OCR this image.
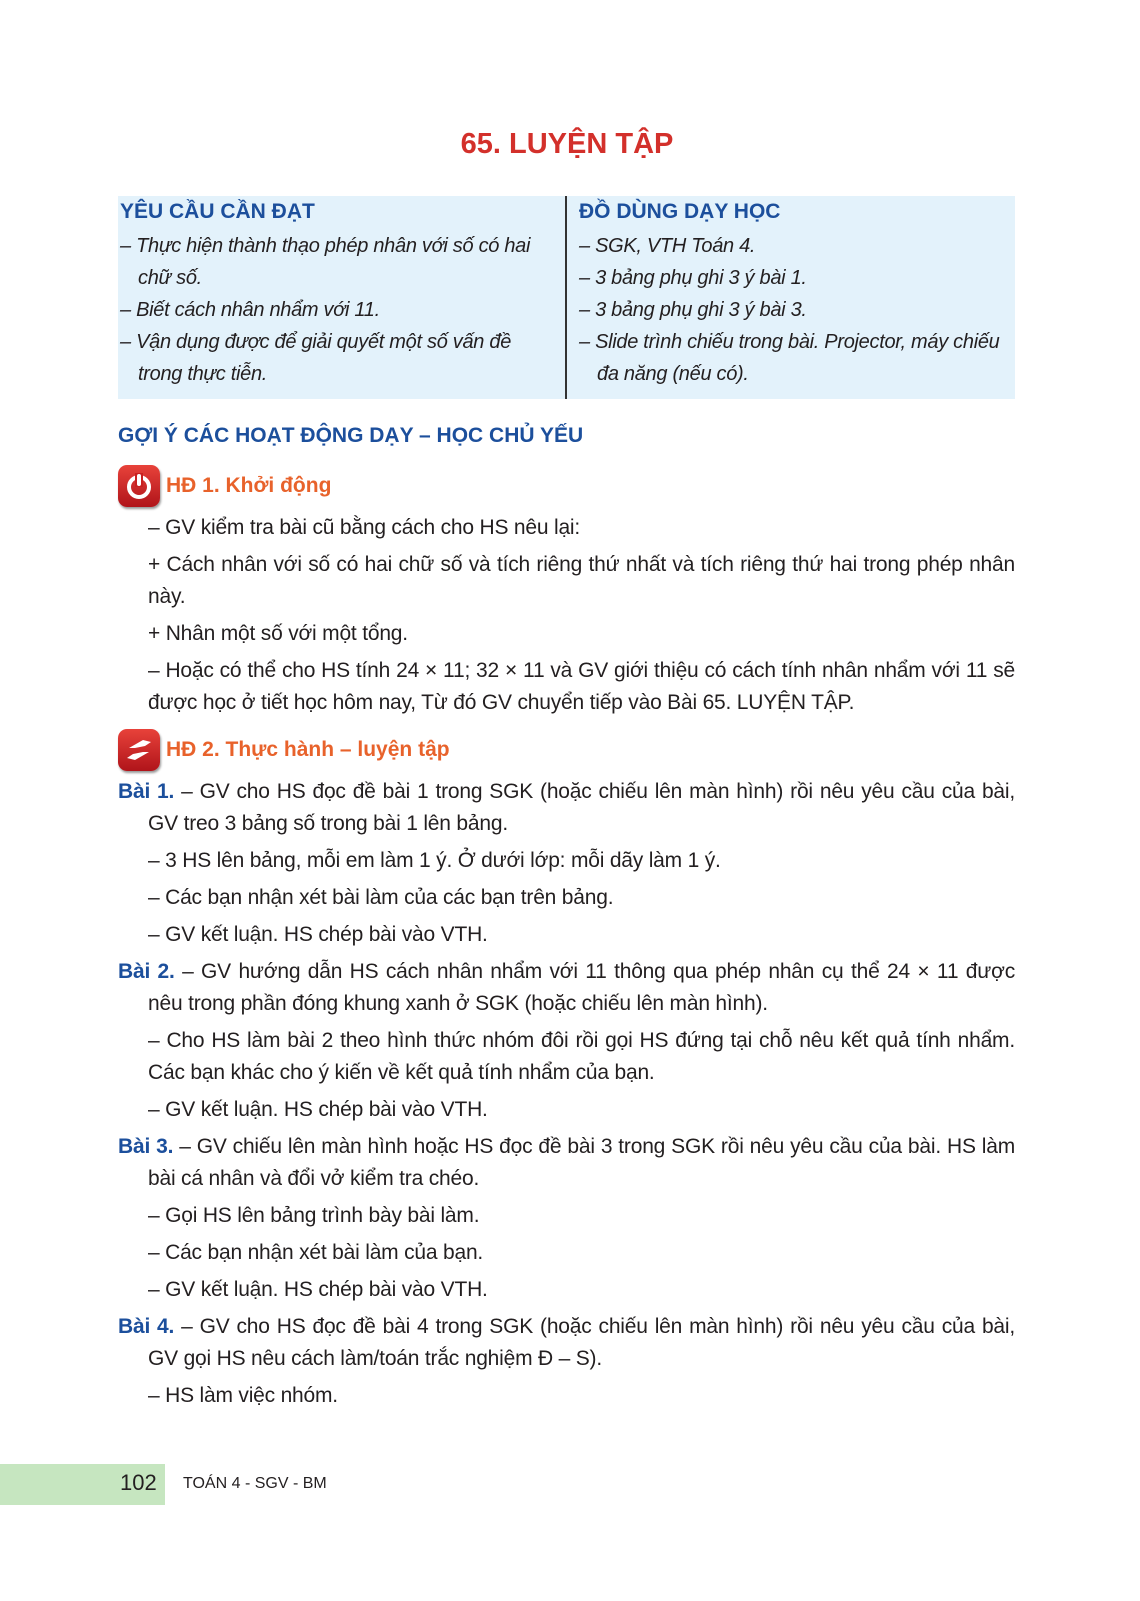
65. LUYỆN TẬP
YÊU CẦU CẦN ĐẠT
– Thực hiện thành thạo phép nhân với số có hai chữ số.
– Biết cách nhân nhẩm với 11.
– Vận dụng được để giải quyết một số vấn đề trong thực tiễn.
ĐỒ DÙNG DẠY HỌC
– SGK, VTH Toán 4.
– 3 bảng phụ ghi 3 ý bài 1.
– 3 bảng phụ ghi 3 ý bài 3.
– Slide trình chiếu trong bài. Projector, máy chiếu đa năng (nếu có).
GỢI Ý CÁC HOẠT ĐỘNG DẠY – HỌC CHỦ YẾU
HĐ 1. Khởi động
– GV kiểm tra bài cũ bằng cách cho HS nêu lại:
+ Cách nhân với số có hai chữ số và tích riêng thứ nhất và tích riêng thứ hai trong phép nhân này.
+ Nhân một số với một tổng.
– Hoặc có thể cho HS tính 24 × 11; 32 × 11 và GV giới thiệu có cách tính nhân nhẩm với 11 sẽ được học ở tiết học hôm nay, Từ đó GV chuyển tiếp vào Bài 65. LUYỆN TẬP.
HĐ 2. Thực hành – luyện tập
Bài 1. – GV cho HS đọc đề bài 1 trong SGK (hoặc chiếu lên màn hình) rồi nêu yêu cầu của bài, GV treo 3 bảng số trong bài 1 lên bảng.
– 3 HS lên bảng, mỗi em làm 1 ý. Ở dưới lớp: mỗi dãy làm 1 ý.
– Các bạn nhận xét bài làm của các bạn trên bảng.
– GV kết luận. HS chép bài vào VTH.
Bài 2. – GV hướng dẫn HS cách nhân nhẩm với 11 thông qua phép nhân cụ thể 24 × 11 được nêu trong phần đóng khung xanh ở SGK (hoặc chiếu lên màn hình).
– Cho HS làm bài 2 theo hình thức nhóm đôi rồi gọi HS đứng tại chỗ nêu kết quả tính nhẩm. Các bạn khác cho ý kiến về kết quả tính nhẩm của bạn.
– GV kết luận. HS chép bài vào VTH.
Bài 3. – GV chiếu lên màn hình hoặc HS đọc đề bài 3 trong SGK rồi nêu yêu cầu của bài. HS làm bài cá nhân và đổi vở kiểm tra chéo.
– Gọi HS lên bảng trình bày bài làm.
– Các bạn nhận xét bài làm của bạn.
– GV kết luận. HS chép bài vào VTH.
Bài 4. – GV cho HS đọc đề bài 4 trong SGK (hoặc chiếu lên màn hình) rồi nêu yêu cầu của bài, GV gọi HS nêu cách làm/toán trắc nghiệm Đ – S).
– HS làm việc nhóm.
102 TOÁN 4 - SGV - BM
